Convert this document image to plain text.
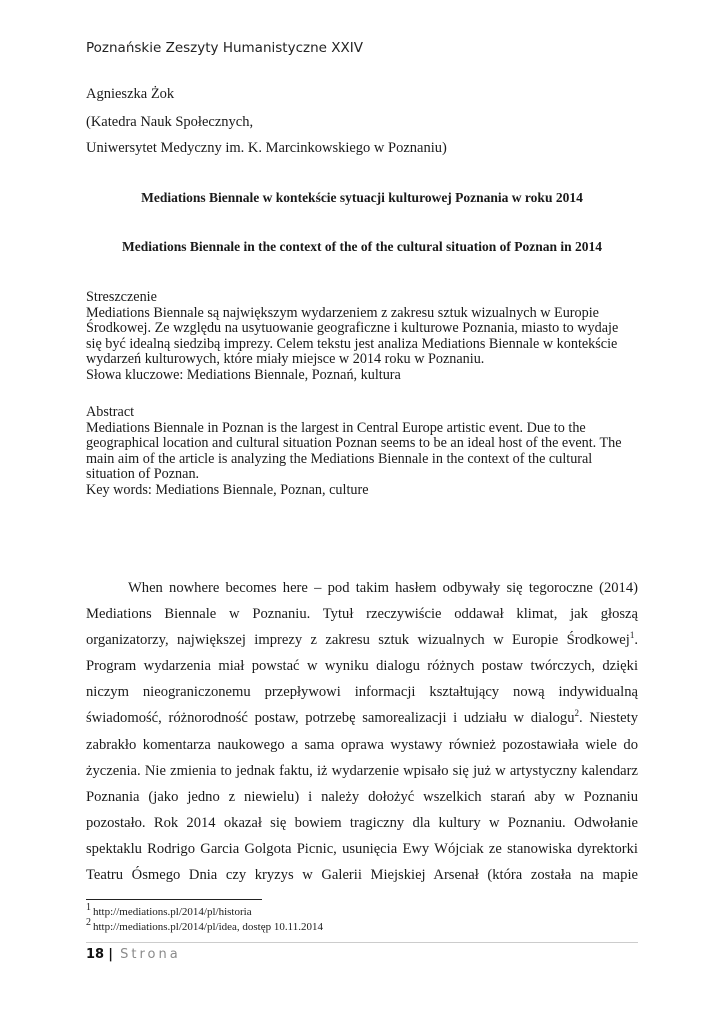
Poznańskie Zeszyty Humanistyczne XXIV
Agnieszka Żok
(Katedra Nauk Społecznych,
Uniwersytet Medyczny im. K. Marcinkowskiego w Poznaniu)
Mediations Biennale w kontekście sytuacji kulturowej Poznania w roku 2014
Mediations Biennale in the context of the of the cultural situation of Poznan in 2014
Streszczenie
Mediations Biennale są największym wydarzeniem z zakresu sztuk wizualnych w Europie
Środkowej. Ze względu na usytuowanie geograficzne i kulturowe Poznania, miasto to wydaje
się być idealną siedzibą imprezy. Celem tekstu jest analiza Mediations Biennale w kontekście
wydarzeń kulturowych, które miały miejsce w 2014 roku w Poznaniu.
Słowa kluczowe: Mediations Biennale, Poznań, kultura
Abstract
Mediations Biennale in Poznan is the largest in Central Europe artistic event. Due to the
geographical location and cultural situation Poznan seems to be an ideal host of the event. The
main aim of the article is analyzing the Mediations Biennale in the context of the cultural
situation of Poznan.
Key words: Mediations Biennale, Poznan, culture
When nowhere becomes here – pod takim hasłem odbywały się tegoroczne (2014)
Mediations Biennale w Poznaniu. Tytuł rzeczywiście oddawał klimat, jak głoszą
organizatorzy, największej imprezy z zakresu sztuk wizualnych w Europie Środkowej$^1$.
Program wydarzenia miał powstać w wyniku dialogu różnych postaw twórczych, dzięki
niczym nieograniczonemu przepływowi informacji kształtujący nową indywidualną
świadomość, różnorodność postaw, potrzebę samorealizacji i udziału w dialogu$^2$. Niestety
zabrakło komentarza naukowego a sama oprawa wystawy również pozostawiała wiele do
życzenia. Nie zmienia to jednak faktu, iż wydarzenie wpisało się już w artystyczny kalendarz
Poznania (jako jedno z niewielu) i należy dołożyć wszelkich starań aby w Poznaniu
pozostało. Rok 2014 okazał się bowiem tragiczny dla kultury w Poznaniu. Odwołanie
spektaklu Rodrigo Garcia Golgota Picnic, usunięcia Ewy Wójciak ze stanowiska dyrektorki
Teatru Ósmego Dnia czy kryzys w Galerii Miejskiej Arsenał (która została na mapie
$^1$ http://mediations.pl/2014/pl/historia
$^2$ http://mediations.pl/2014/pl/idea, dostęp 10.11.2014
18 | Strona
